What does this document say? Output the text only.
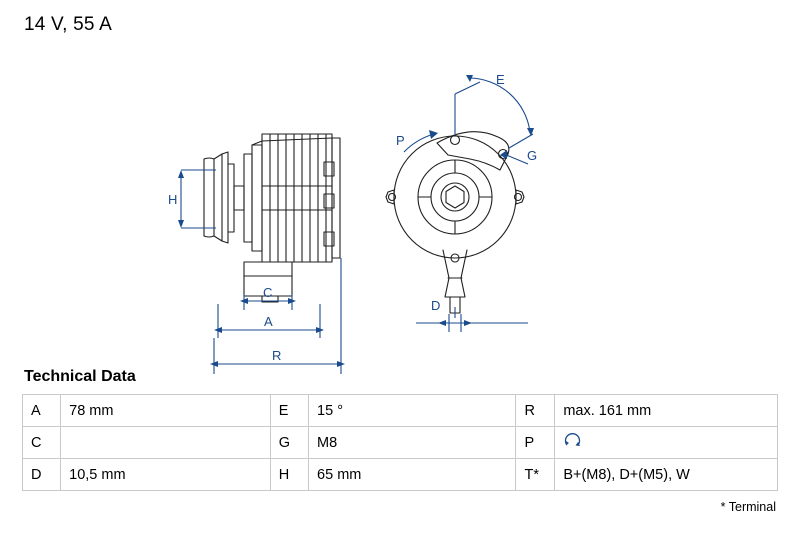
14 V, 55 A
H
C
A
R
E
P
G
D
Technical Data
A	78 mm	E	15 °	R	max. 161 mm
C		G	M8	P	
D	10,5 mm	H	65 mm	T*	B+(M8), D+(M5), W
* Terminal
